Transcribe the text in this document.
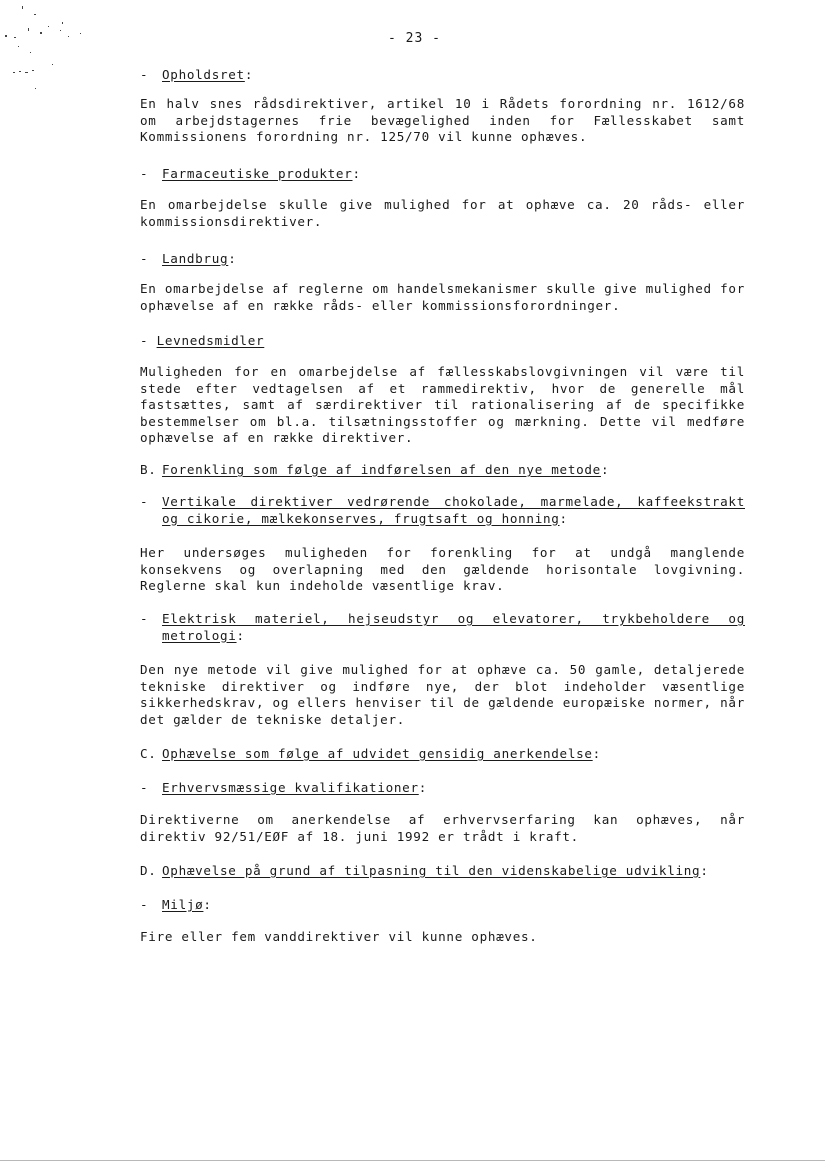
- 23 -
- Opholdsret:
En halv snes rådsdirektiver, artikel 10 i Rådets forordning nr. 1612/68 om arbejdstagernes frie bevægelighed inden for Fællesskabet samt Kommissionens forordning nr. 125/70 vil kunne ophæves.
- Farmaceutiske produkter:
En omarbejdelse skulle give mulighed for at ophæve ca. 20 råds- eller kommissionsdirektiver.
- Landbrug:
En omarbejdelse af reglerne om handelsmekanismer skulle give mulighed for ophævelse af en række råds- eller kommissionsforordninger.
- Levnedsmidler
Muligheden for en omarbejdelse af fællesskabslovgivningen vil være til stede efter vedtagelsen af et rammedirektiv, hvor de generelle mål fastsættes, samt af særdirektiver til rationalisering af de specifikke bestemmelser om bl.a. tilsætningsstoffer og mærkning. Dette vil medføre ophævelse af en række direktiver.
B. Forenkling som følge af indførelsen af den nye metode:
- Vertikale direktiver vedrørende chokolade, marmelade, kaffeekstrakt
og cikorie, mælkekonserves, frugtsaft og honning:
Her undersøges muligheden for forenkling for at undgå manglende konsekvens og overlapning med den gældende horisontale lovgivning. Reglerne skal kun indeholde væsentlige krav.
- Elektrisk materiel, hejseudstyr og elevatorer, trykbeholdere og
metrologi:
Den nye metode vil give mulighed for at ophæve ca. 50 gamle, detaljerede tekniske direktiver og indføre nye, der blot indeholder væsentlige sikkerhedskrav, og ellers henviser til de gældende europæiske normer, når det gælder de tekniske detaljer.
C. Ophævelse som følge af udvidet gensidig anerkendelse:
- Erhvervsmæssige kvalifikationer:
Direktiverne om anerkendelse af erhvervserfaring kan ophæves, når direktiv 92/51/EØF af 18. juni 1992 er trådt i kraft.
D. Ophævelse på grund af tilpasning til den videnskabelige udvikling:
- Miljø:
Fire eller fem vanddirektiver vil kunne ophæves.
